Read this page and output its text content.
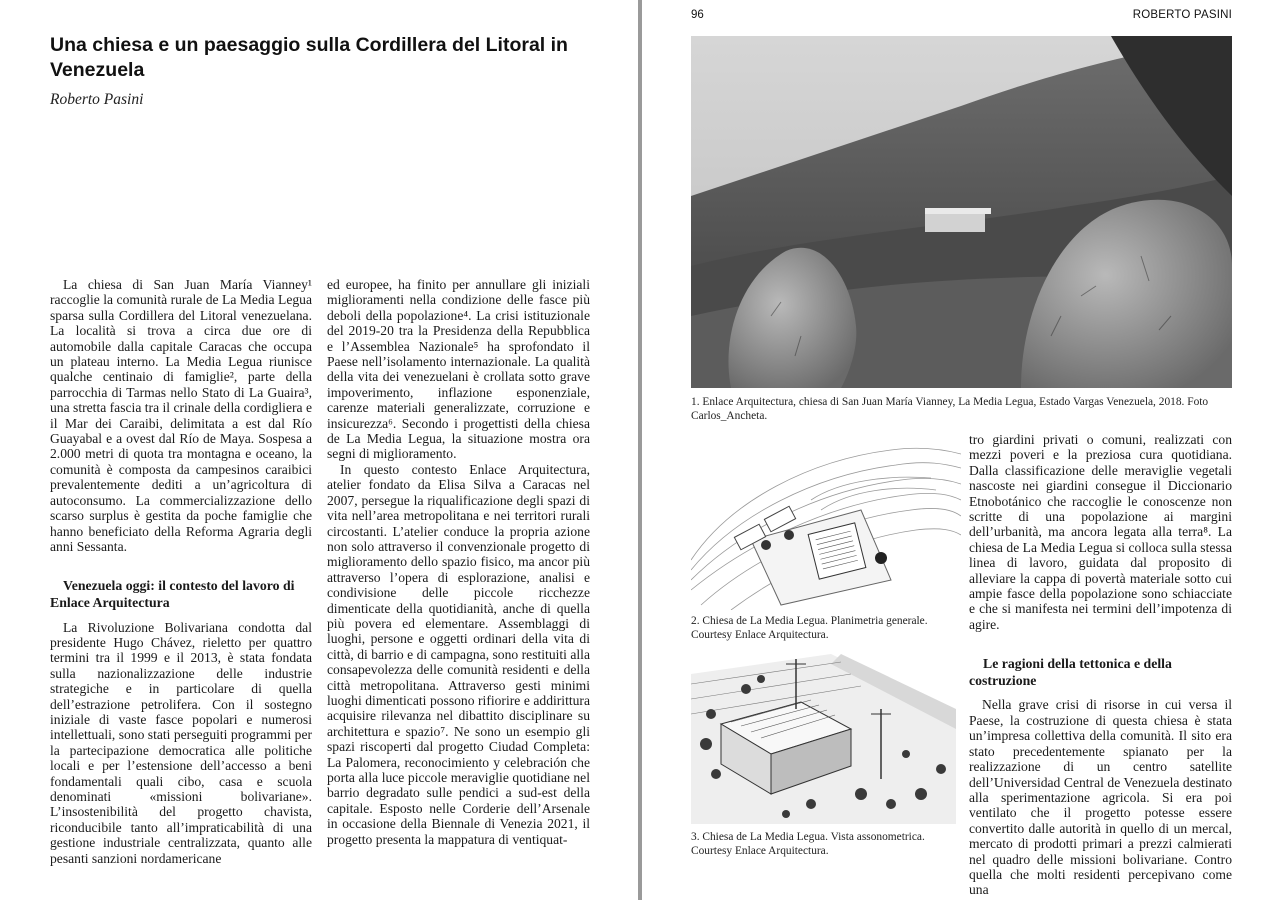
Una chiesa e un paesaggio sulla Cordillera del Litoral in Venezuela

Roberto Pasini

La chiesa di San Juan María Vianney¹ raccoglie la comunità rurale de La Media Legua sparsa sulla Cordillera del Litoral venezuelana. La località si trova a circa due ore di automobile dalla capitale Caracas che occupa un plateau interno. La Media Legua riunisce qualche centinaio di famiglie², parte della parrocchia di Tarmas nello Stato di La Guaira³, una stretta fascia tra il crinale della cordigliera e il Mar dei Caraibi, delimitata a est dal Río Guayabal e a ovest dal Río de Maya. Sospesa a 2.000 metri di quota tra montagna e oceano, la comunità è composta da campesinos caraibici prevalentemente dediti a un’agricoltura di autoconsumo. La commercializzazione dello scarso surplus è gestita da poche famiglie che hanno beneficiato della Reforma Agraria degli anni Sessanta.

Venezuela oggi: il contesto del lavoro di Enlace Arquitectura

La Rivoluzione Bolivariana condotta dal presidente Hugo Chávez, rieletto per quattro termini tra il 1999 e il 2013, è stata fondata sulla nazionalizzazione delle industrie strategiche e in particolare di quella dell’estrazione petrolifera. Con il sostegno iniziale di vaste fasce popolari e numerosi intellettuali, sono stati perseguiti programmi per la partecipazione democratica alle politiche locali e per l’estensione dell’accesso a beni fondamentali quali cibo, casa e scuola denominati «missioni bolivariane». L’insostenibilità del progetto chavista, riconducibile tanto all’impraticabilità di una gestione industriale centralizzata, quanto alle pesanti sanzioni nordamericane

ed europee, ha finito per annullare gli iniziali miglioramenti nella condizione delle fasce più deboli della popolazione⁴. La crisi istituzionale del 2019-20 tra la Presidenza della Repubblica e l’Assemblea Nazionale⁵ ha sprofondato il Paese nell’isolamento internazionale. La qualità della vita dei venezuelani è crollata sotto grave impoverimento, inflazione esponenziale, carenze materiali generalizzate, corruzione e insicurezza⁶. Secondo i progettisti della chiesa de La Media Legua, la situazione mostra ora segni di miglioramento.

In questo contesto Enlace Arquitectura, atelier fondato da Elisa Silva a Caracas nel 2007, persegue la riqualificazione degli spazi di vita nell’area metropolitana e nei territori rurali circostanti. L’atelier conduce la propria azione non solo attraverso il convenzionale progetto di miglioramento dello spazio fisico, ma ancor più attraverso l’opera di esplorazione, analisi e condivisione delle piccole ricchezze dimenticate della quotidianità, anche di quella più povera ed elementare. Assemblaggi di luoghi, persone e oggetti ordinari della vita di città, di barrio e di campagna, sono restituiti alla consapevolezza delle comunità residenti e della città metropolitana. Attraverso gesti minimi luoghi dimenticati possono rifiorire e addirittura acquisire rilevanza nel dibattito disciplinare su architettura e spazio⁷. Ne sono un esempio gli spazi riscoperti dal progetto Ciudad Completa: La Palomera, reconocimiento y celebración che porta alla luce piccole meraviglie quotidiane nel barrio degradato sulle pendici a sud-est della capitale. Esposto nelle Corderie dell’Arsenale in occasione della Biennale di Venezia 2021, il progetto presenta la mappatura di ventiquat-

96	ROBERTO PASINI
1. Enlace Arquitectura, chiesa di San Juan María Vianney, La Media Legua, Estado Vargas Venezuela, 2018. Foto Carlos_Ancheta.
2. Chiesa de La Media Legua. Planimetria generale. Courtesy Enlace Arquitectura.
3. Chiesa de La Media Legua. Vista assonometrica. Courtesy Enlace Arquitectura.

tro giardini privati o comuni, realizzati con mezzi poveri e la preziosa cura quotidiana. Dalla classificazione delle meraviglie vegetali nascoste nei giardini consegue il Diccionario Etnobotánico che raccoglie le conoscenze non scritte di una popolazione ai margini dell’urbanità, ma ancora legata alla terra⁸. La chiesa de La Media Legua si colloca sulla stessa linea di lavoro, guidata dal proposito di alleviare la cappa di povertà materiale sotto cui ampie fasce della popolazione sono schiacciate e che si manifesta nei termini dell’impotenza di agire.

Le ragioni della tettonica e della costruzione

Nella grave crisi di risorse in cui versa il Paese, la costruzione di questa chiesa è stata un’impresa collettiva della comunità. Il sito era stato precedentemente spianato per la realizzazione di un centro satellite dell’Universidad Central de Venezuela destinato alla sperimentazione agricola. Si era poi ventilato che il progetto potesse essere convertito dalle autorità in quello di un mercal, mercato di prodotti primari a prezzi calmierati nel quadro delle missioni bolivariane. Contro quella che molti residenti percepivano come una
